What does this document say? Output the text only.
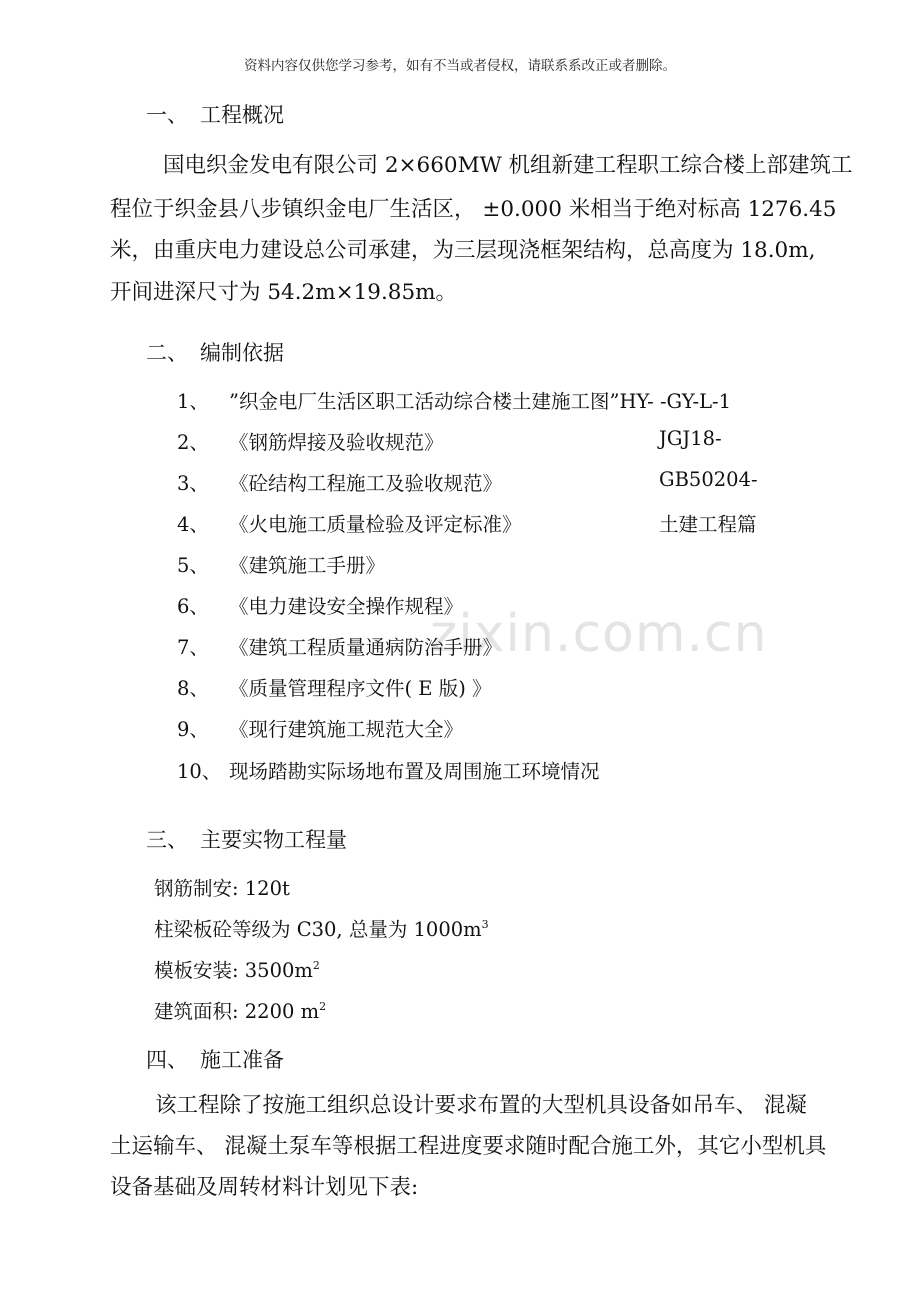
资料内容仅供您学习参考，如有不当或者侵权，请联系系改正或者删除。
zixin.com.cn
一、 工程概况
国电织金发电有限公司 2×660MW 机组新建工程职工综合楼上部建筑工
程位于织金县八步镇织金电厂生活区， ±0.000 米相当于绝对标高 1276.45
米，由重庆电力建设总公司承建，为三层现浇框架结构，总高度为 18.0m,
开间进深尺寸为 54.2m×19.85m。
二、 编制依据
1、 ”织金电厂生活区职工活动综合楼土建施工图”HY- -GY-L-1
2、 《钢筋焊接及验收规范》	JGJ18-
3、 《砼结构工程施工及验收规范》	GB50204-
4、 《火电施工质量检验及评定标准》	土建工程篇
5、 《建筑施工手册》
6、 《电力建设安全操作规程》
7、 《建筑工程质量通病防治手册》
8、 《质量管理程序文件( E 版) 》
9、 《现行建筑施工规范大全》
10、 现场踏勘实际场地布置及周围施工环境情况
三、 主要实物工程量
钢筋制安: 120t
柱梁板砼等级为 C30, 总量为 $1000m^3$
模板安装: $3500m^2$
建筑面积: 2200 $m^2$
四、 施工准备
该工程除了按施工组织总设计要求布置的大型机具设备如吊车、 混凝
土运输车、 混凝土泵车等根据工程进度要求随时配合施工外，其它小型机具
设备基础及周转材料计划见下表:
